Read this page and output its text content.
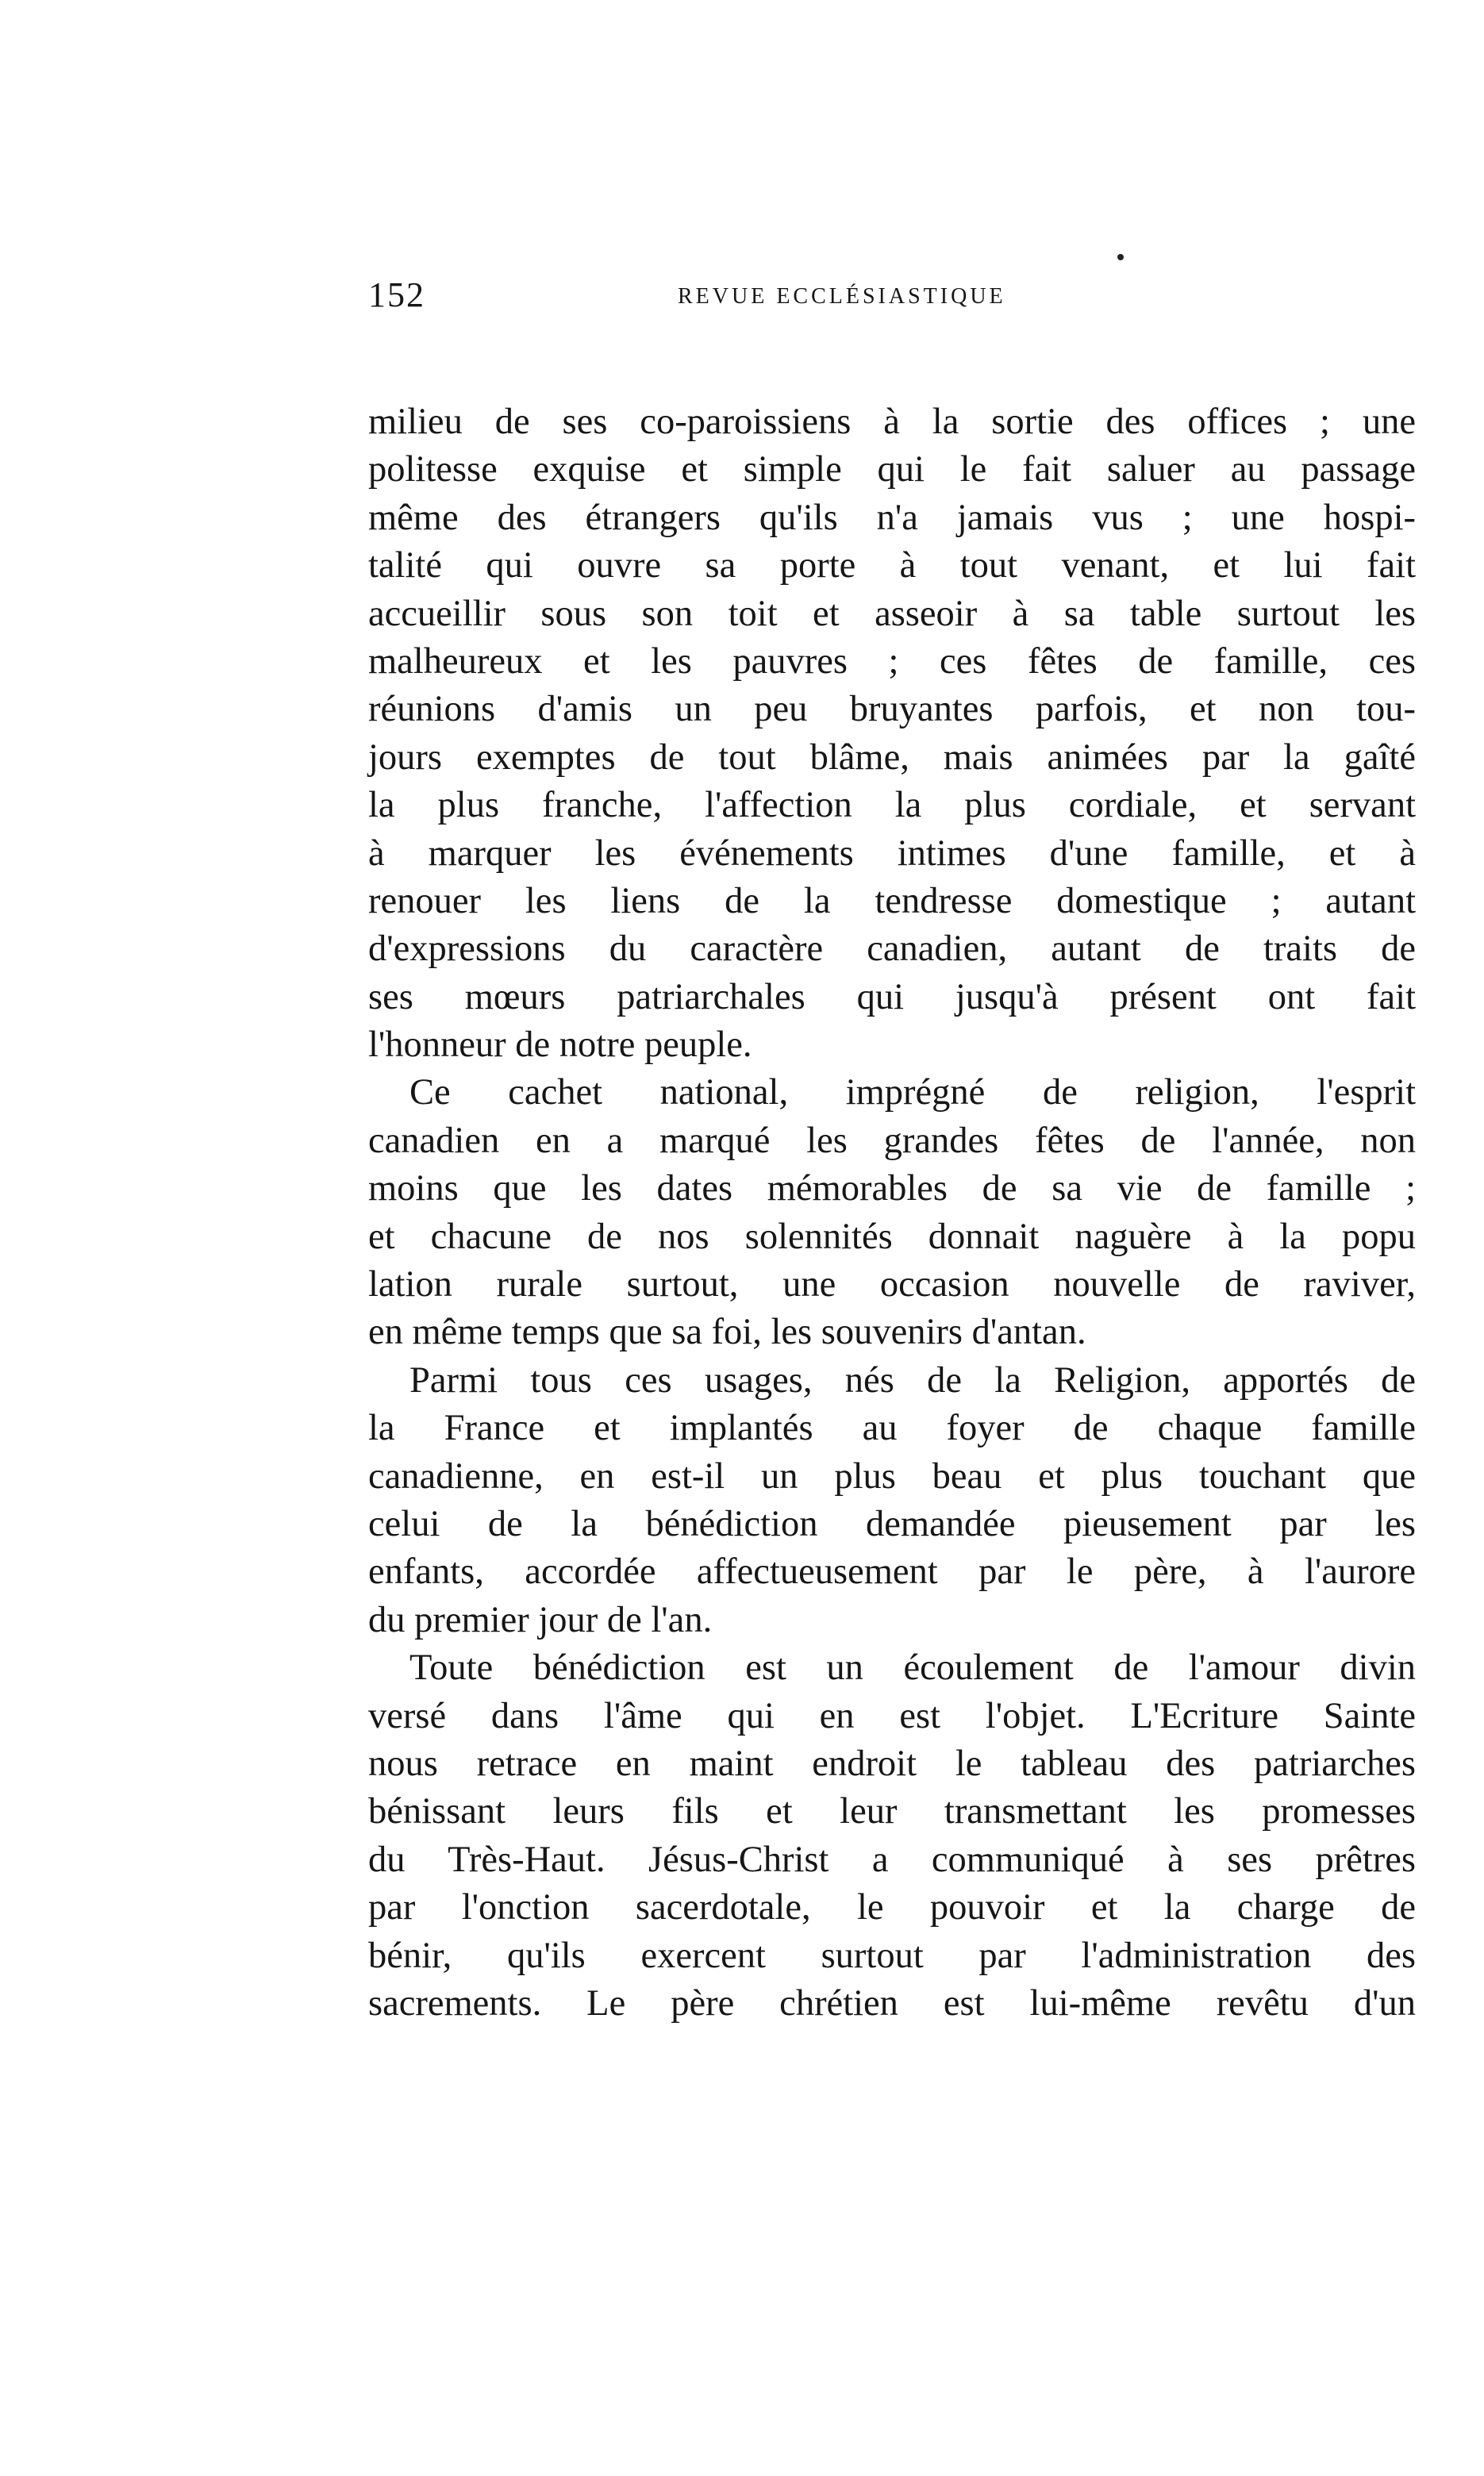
152	REVUE ECCLÉSIASTIQUE
milieu de ses co-paroissiens à la sortie des offices ; une
politesse exquise et simple qui le fait saluer au passage
même des étrangers qu'ils n'a jamais vus ; une hospi-
talité qui ouvre sa porte à tout venant, et lui fait
accueillir sous son toit et asseoir à sa table surtout les
malheureux et les pauvres ; ces fêtes de famille, ces
réunions d'amis un peu bruyantes parfois, et non tou-
jours exemptes de tout blâme, mais animées par la gaîté
la plus franche, l'affection la plus cordiale, et servant
à marquer les événements intimes d'une famille, et à
renouer les liens de la tendresse domestique ; autant
d'expressions du caractère canadien, autant de traits de
ses mœurs patriarchales qui jusqu'à présent ont fait
l'honneur de notre peuple.
Ce cachet national, imprégné de religion, l'esprit
canadien en a marqué les grandes fêtes de l'année, non
moins que les dates mémorables de sa vie de famille ;
et chacune de nos solennités donnait naguère à la popu
lation rurale surtout, une occasion nouvelle de raviver,
en même temps que sa foi, les souvenirs d'antan.
Parmi tous ces usages, nés de la Religion, apportés de
la France et implantés au foyer de chaque famille
canadienne, en est-il un plus beau et plus touchant que
celui de la bénédiction demandée pieusement par les
enfants, accordée affectueusement par le père, à l'aurore
du premier jour de l'an.
Toute bénédiction est un écoulement de l'amour divin
versé dans l'âme qui en est l'objet. L'Ecriture Sainte
nous retrace en maint endroit le tableau des patriarches
bénissant leurs fils et leur transmettant les promesses
du Très-Haut. Jésus-Christ a communiqué à ses prêtres
par l'onction sacerdotale, le pouvoir et la charge de
bénir, qu'ils exercent surtout par l'administration des
sacrements. Le père chrétien est lui-même revêtu d'un
